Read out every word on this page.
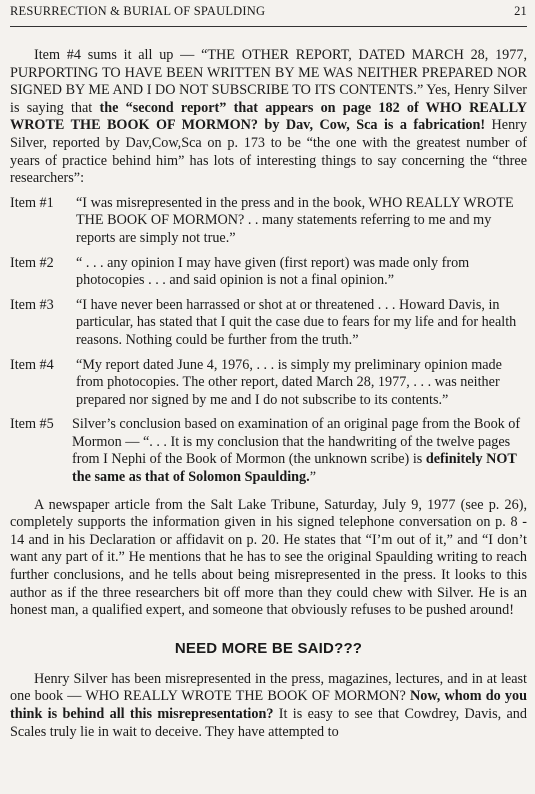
RESURRECTION & BURIAL OF SPAULDING	21

Item #4 sums it all up — “THE OTHER REPORT, DATED MARCH 28, 1977, PURPORTING TO HAVE BEEN WRITTEN BY ME WAS NEITHER PREPARED NOR SIGNED BY ME AND I DO NOT SUBSCRIBE TO ITS CONTENTS.” Yes, Henry Silver is saying that the “second report” that appears on page 182 of WHO REALLY WROTE THE BOOK OF MORMON? by Dav, Cow, Sca is a fabrication! Henry Silver, reported by Dav,Cow,Sca on p. 173 to be “the one with the greatest number of years of practice behind him” has lots of interesting things to say concerning the “three researchers”:

Item #1	“I was misrepresented in the press and in the book, WHO REALLY WROTE THE BOOK OF MORMON? . . many statements referring to me and my reports are simply not true.”
Item #2	“ . . . any opinion I may have given (first report) was made only from photocopies . . . and said opinion is not a final opinion.”
Item #3	“I have never been harrassed or shot at or threatened . . . Howard Davis, in particular, has stated that I quit the case due to fears for my life and for health reasons. Nothing could be further from the truth.”
Item #4	“My report dated June 4, 1976, . . . is simply my preliminary opinion made from photocopies. The other report, dated March 28, 1977, . . . was neither prepared nor signed by me and I do not subscribe to its contents.”
Item #5	Silver’s conclusion based on examination of an original page from the Book of Mormon — “. . . It is my conclusion that the handwriting of the twelve pages from I Nephi of the Book of Mormon (the unknown scribe) is definitely NOT the same as that of Solomon Spaulding.”

A newspaper article from the Salt Lake Tribune, Saturday, July 9, 1977 (see p. 26), completely supports the information given in his signed telephone conversation on p. 8 - 14 and in his Declaration or affidavit on p. 20. He states that “I’m out of it,” and “I don’t want any part of it.” He mentions that he has to see the original Spaulding writing to reach further conclusions, and he tells about being misrepresented in the press. It looks to this author as if the three researchers bit off more than they could chew with Silver. He is an honest man, a qualified expert, and someone that obviously refuses to be pushed around!

NEED MORE BE SAID???

Henry Silver has been misrepresented in the press, magazines, lectures, and in at least one book — WHO REALLY WROTE THE BOOK OF MORMON? Now, whom do you think is behind all this misrepresentation? It is easy to see that Cowdrey, Davis, and Scales truly lie in wait to deceive. They have attempted to
